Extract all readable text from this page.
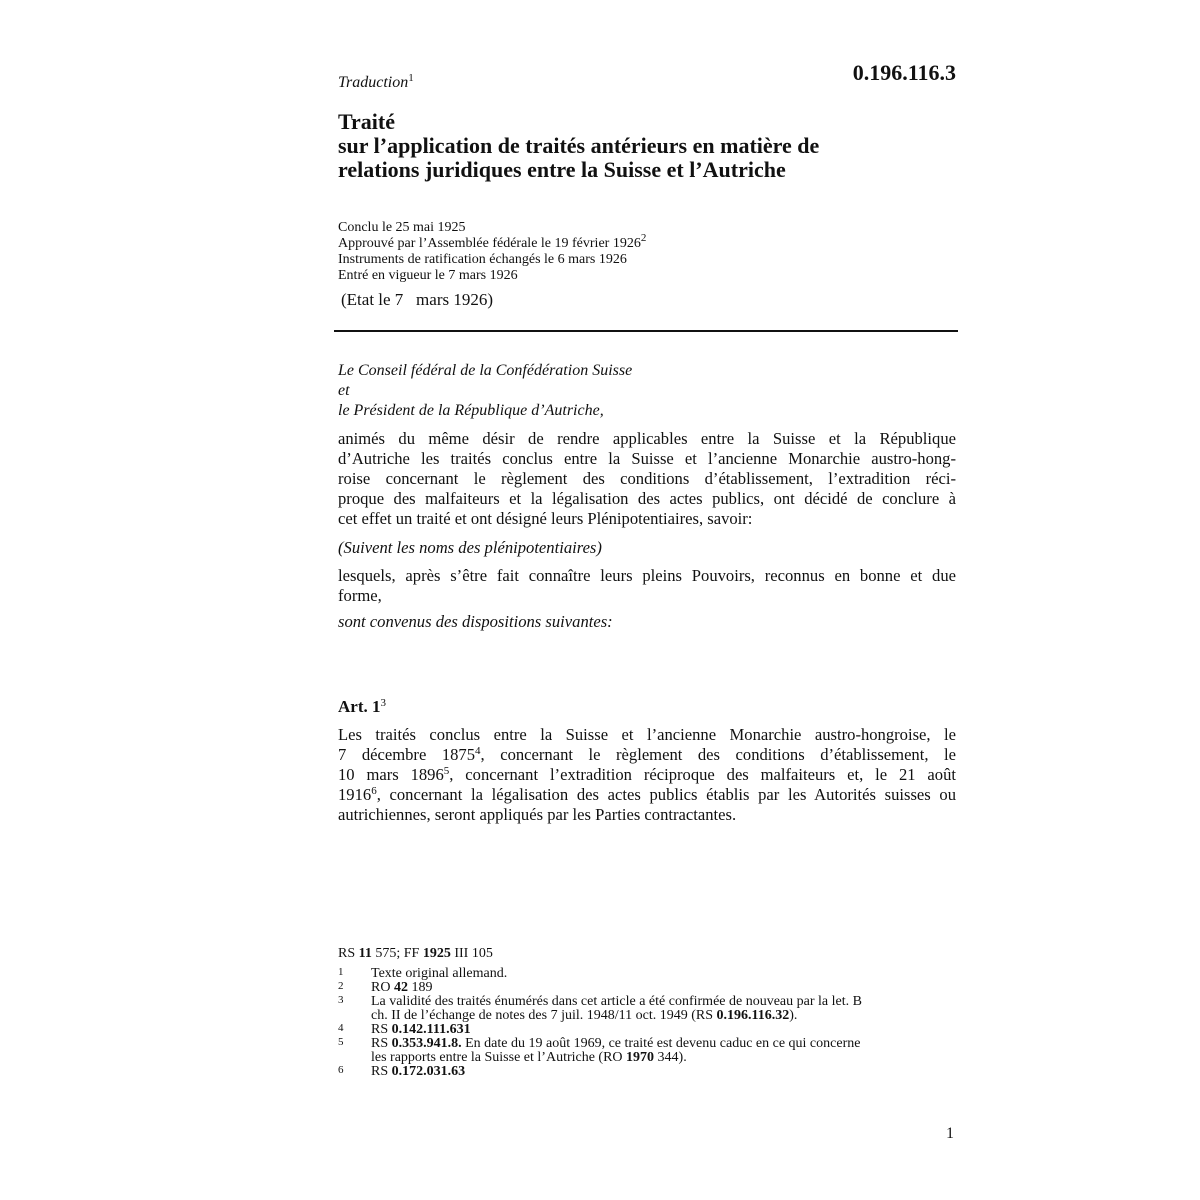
Traduction$^1$	0.196.116.3
Traité
sur l’application de traités antérieurs en matière de
relations juridiques entre la Suisse et l’Autriche
Conclu le 25 mai 1925
Approuvé par l’Assemblée fédérale le 19 février 1926$^2$
Instruments de ratification échangés le 6 mars 1926
Entré en vigueur le 7 mars 1926
(Etat le 7   mars 1926)
Le Conseil fédéral de la Confédération Suisse
et
le Président de la République d’Autriche,
animés du même désir de rendre applicables entre la Suisse et la République
d’Autriche les traités conclus entre la Suisse et l’ancienne Monarchie austro-hong-
roise concernant le règlement des conditions d’établissement, l’extradition réci-
proque des malfaiteurs et la légalisation des actes publics, ont décidé de conclure à
cet effet un traité et ont désigné leurs Plénipotentiaires, savoir:
(Suivent les noms des plénipotentiaires)
lesquels, après s’être fait connaître leurs pleins Pouvoirs, reconnus en bonne et due
forme,
sont convenus des dispositions suivantes:
Art. $1^3$
Les traités conclus entre la Suisse et l’ancienne Monarchie austro-hongroise, le
7 décembre 1875$^4$, concernant le règlement des conditions d’établissement, le
10 mars 1896$^5$, concernant l’extradition réciproque des malfaiteurs et, le 21 août
1916$^6$, concernant la légalisation des actes publics établis par les Autorités suisses ou
autrichiennes, seront appliqués par les Parties contractantes.
RS 11 575; FF 1925 III 105
1 Texte original allemand.
2 RO 42 189
3 La validité des traités énumérés dans cet article a été confirmée de nouveau par la let. B
ch. II de l’échange de notes des 7 juil. 1948/11 oct. 1949 (RS 0.196.116.32).
4 RS 0.142.111.631
5 RS 0.353.941.8. En date du 19 août 1969, ce traité est devenu caduc en ce qui concerne
les rapports entre la Suisse et l’Autriche (RO 1970 344).
6 RS 0.172.031.63
1
